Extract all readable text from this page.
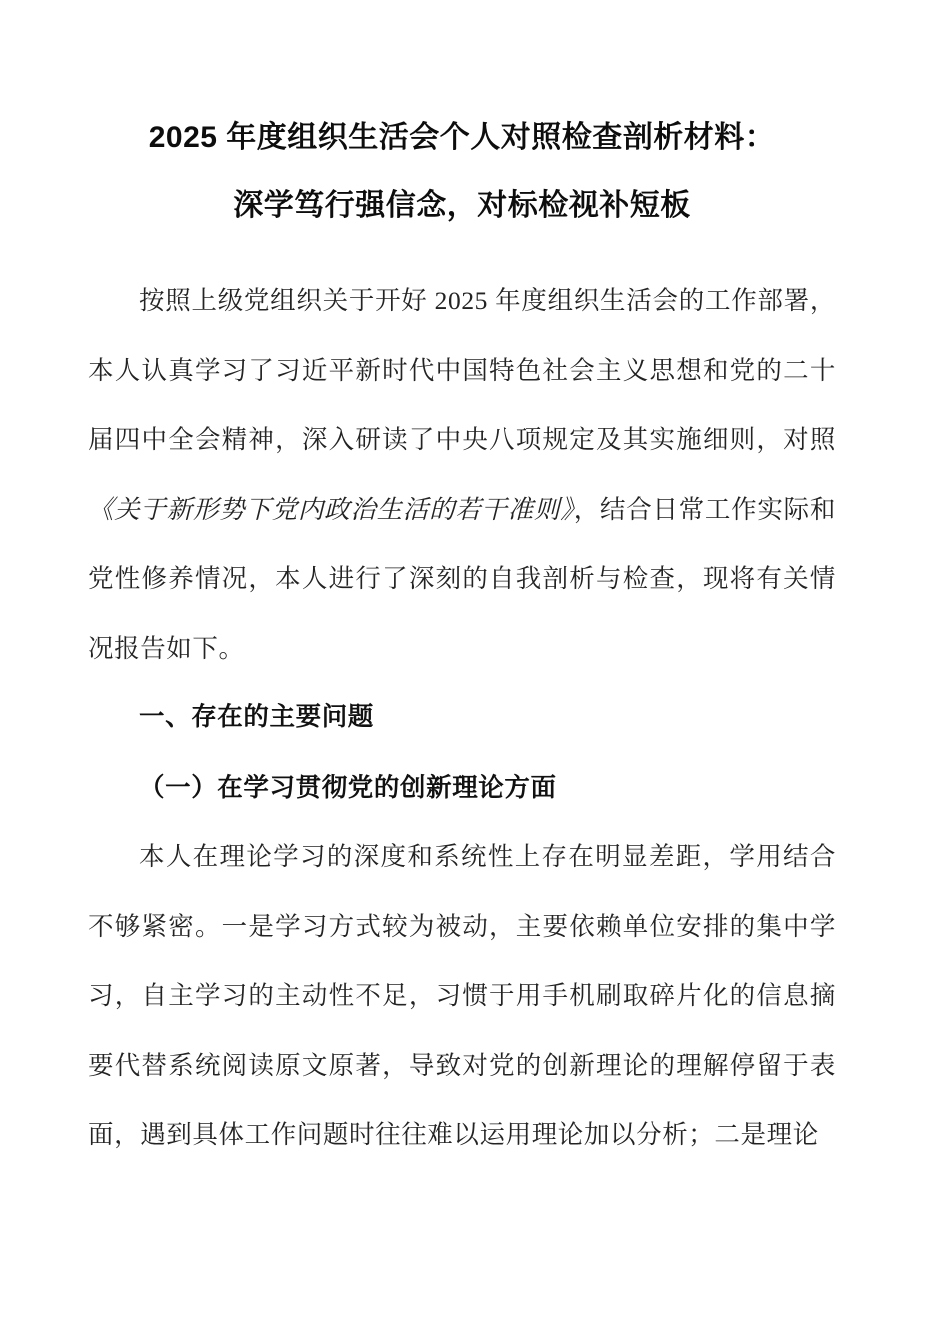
2025 年度组织生活会个人对照检查剖析材料：
深学笃行强信念，对标检视补短板

按照上级党组织关于开好 2025 年度组织生活会的工作部署，本人认真学习了习近平新时代中国特色社会主义思想和党的二十届四中全会精神，深入研读了中央八项规定及其实施细则，对照《关于新形势下党内政治生活的若干准则》，结合日常工作实际和党性修养情况，本人进行了深刻的自我剖析与检查，现将有关情况报告如下。

一、存在的主要问题
（一）在学习贯彻党的创新理论方面

本人在理论学习的深度和系统性上存在明显差距，学用结合不够紧密。一是学习方式较为被动，主要依赖单位安排的集中学习，自主学习的主动性不足，习惯于用手机刷取碎片化的信息摘要代替系统阅读原文原著，导致对党的创新理论的理解停留于表面，遇到具体工作问题时往往难以运用理论加以分析；二是理论
